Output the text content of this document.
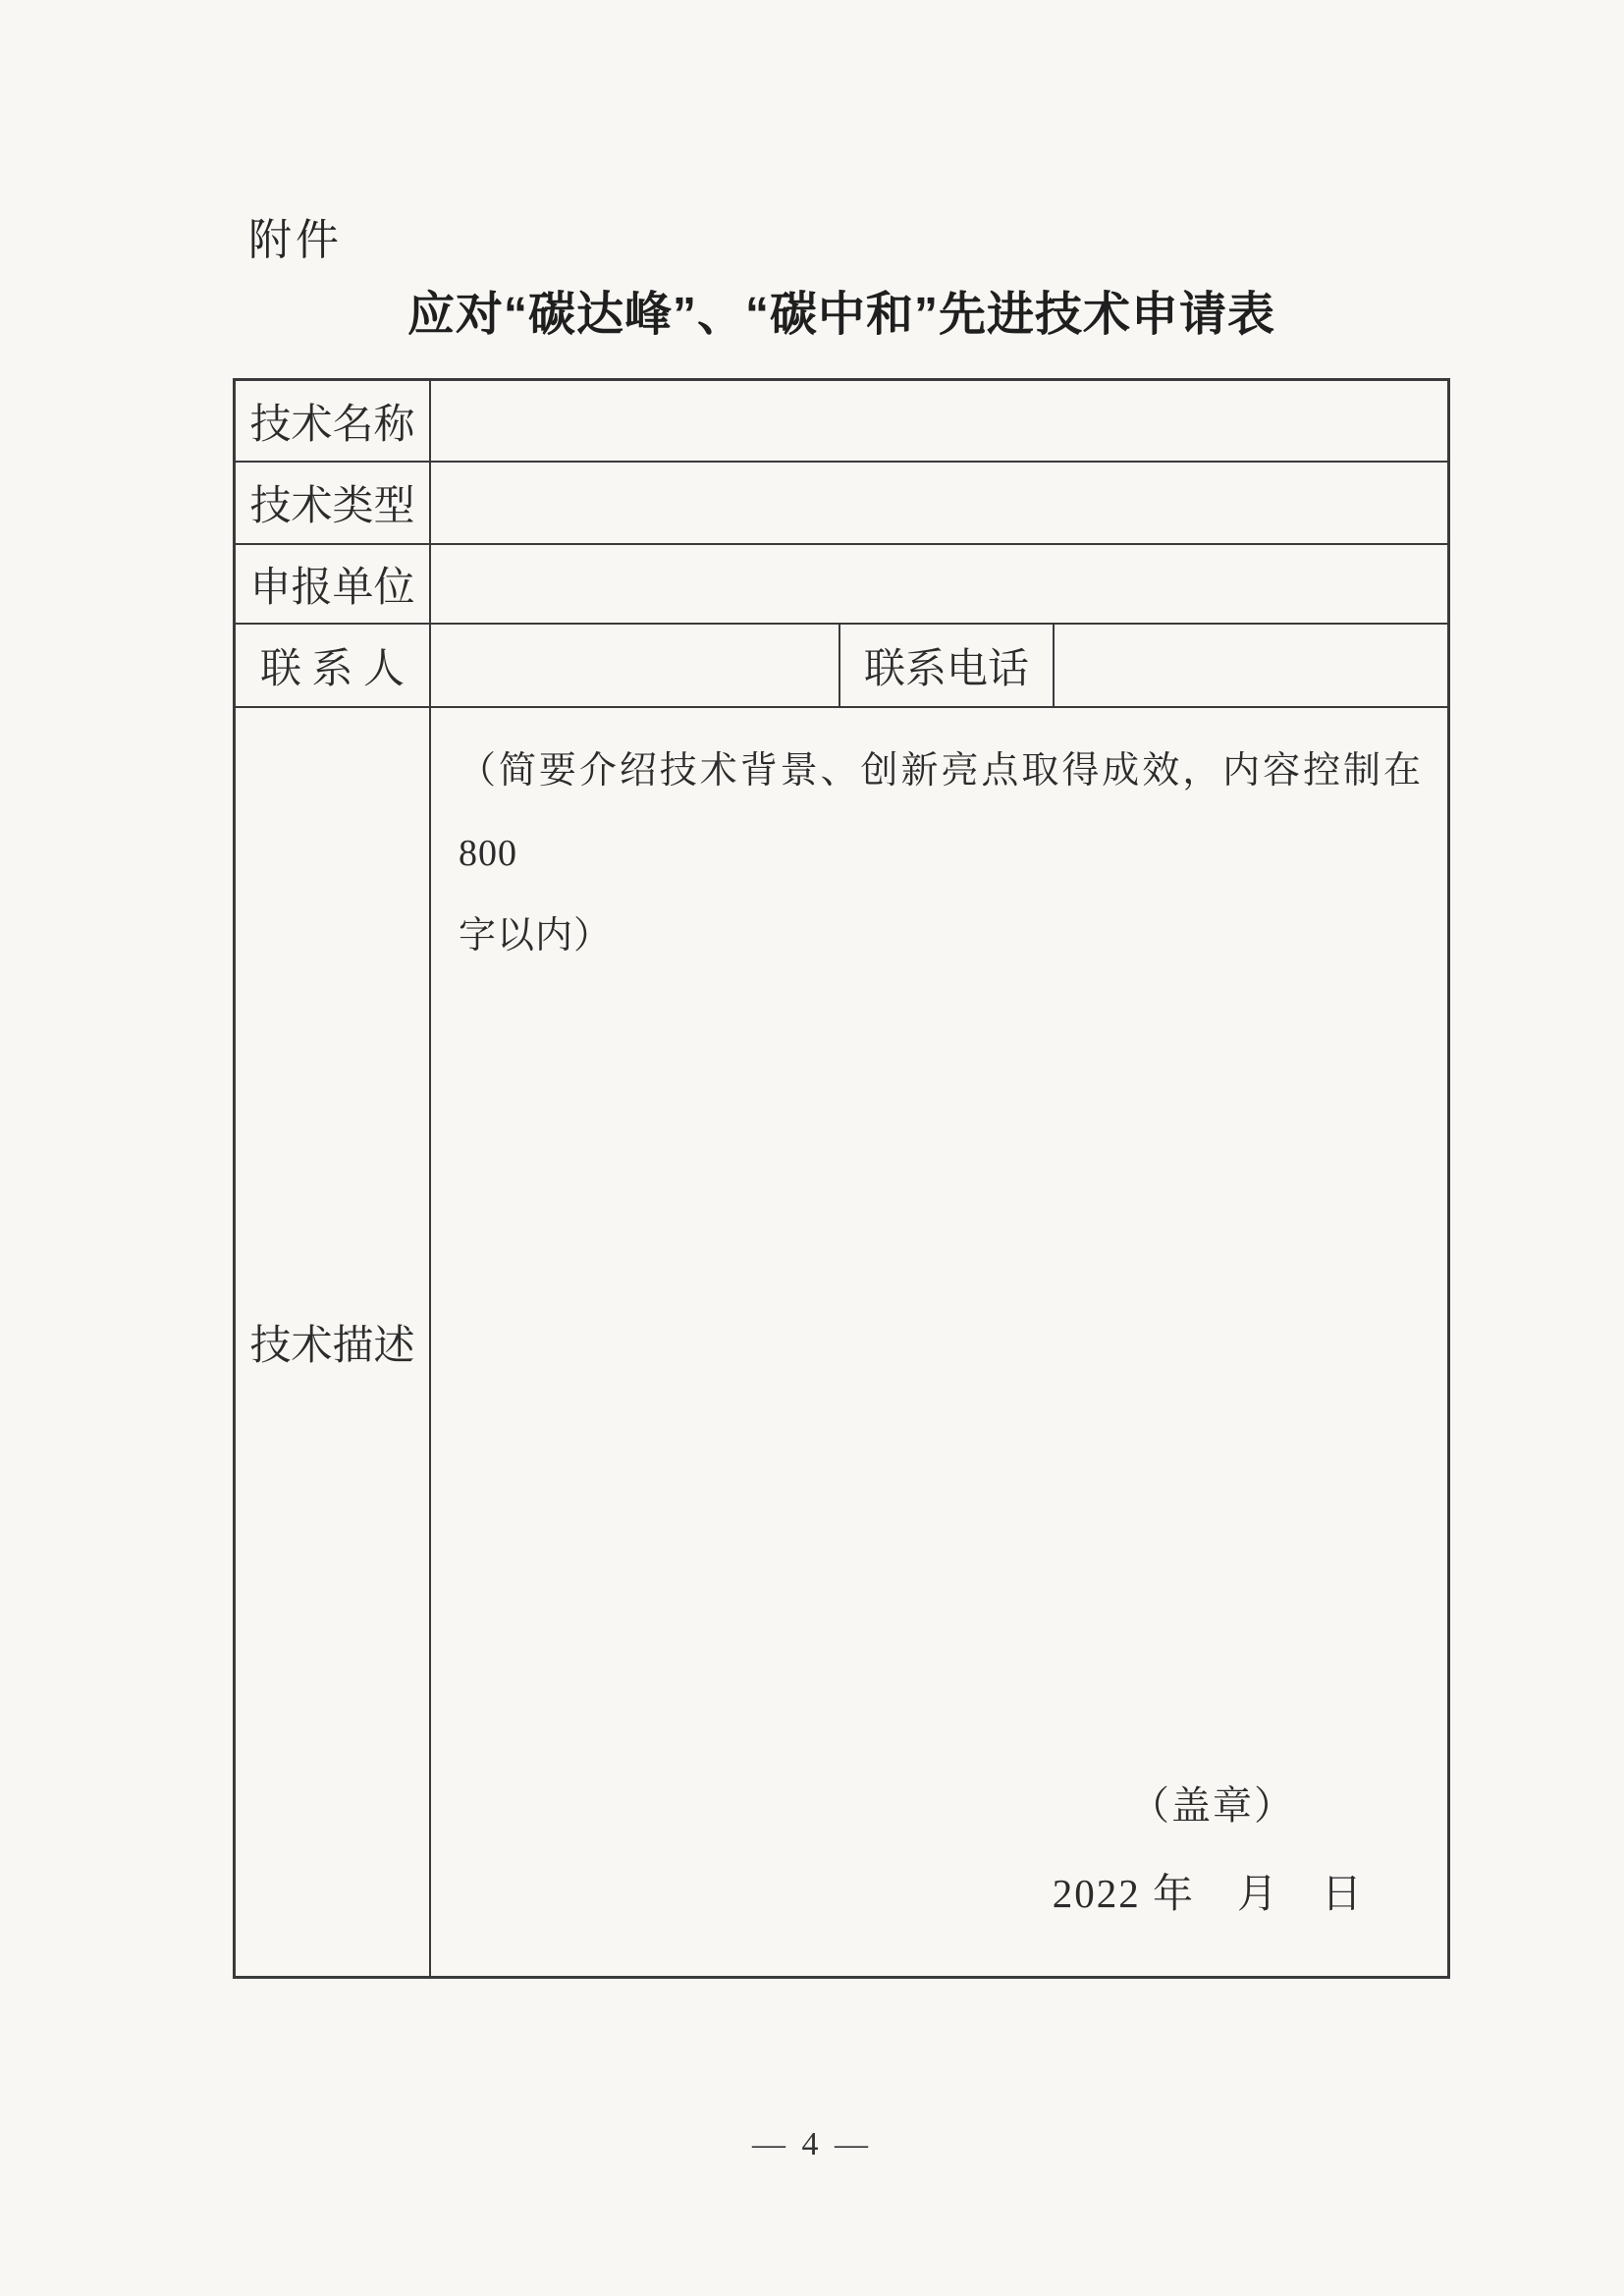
附件
应对“碳达峰”、“碳中和”先进技术申请表
技术名称
技术类型
申报单位
联 系 人	联系电话
技术描述
（简要介绍技术背景、创新亮点取得成效，内容控制在 800
字以内）
（盖章）
2022 年　月　日
— 4 —
